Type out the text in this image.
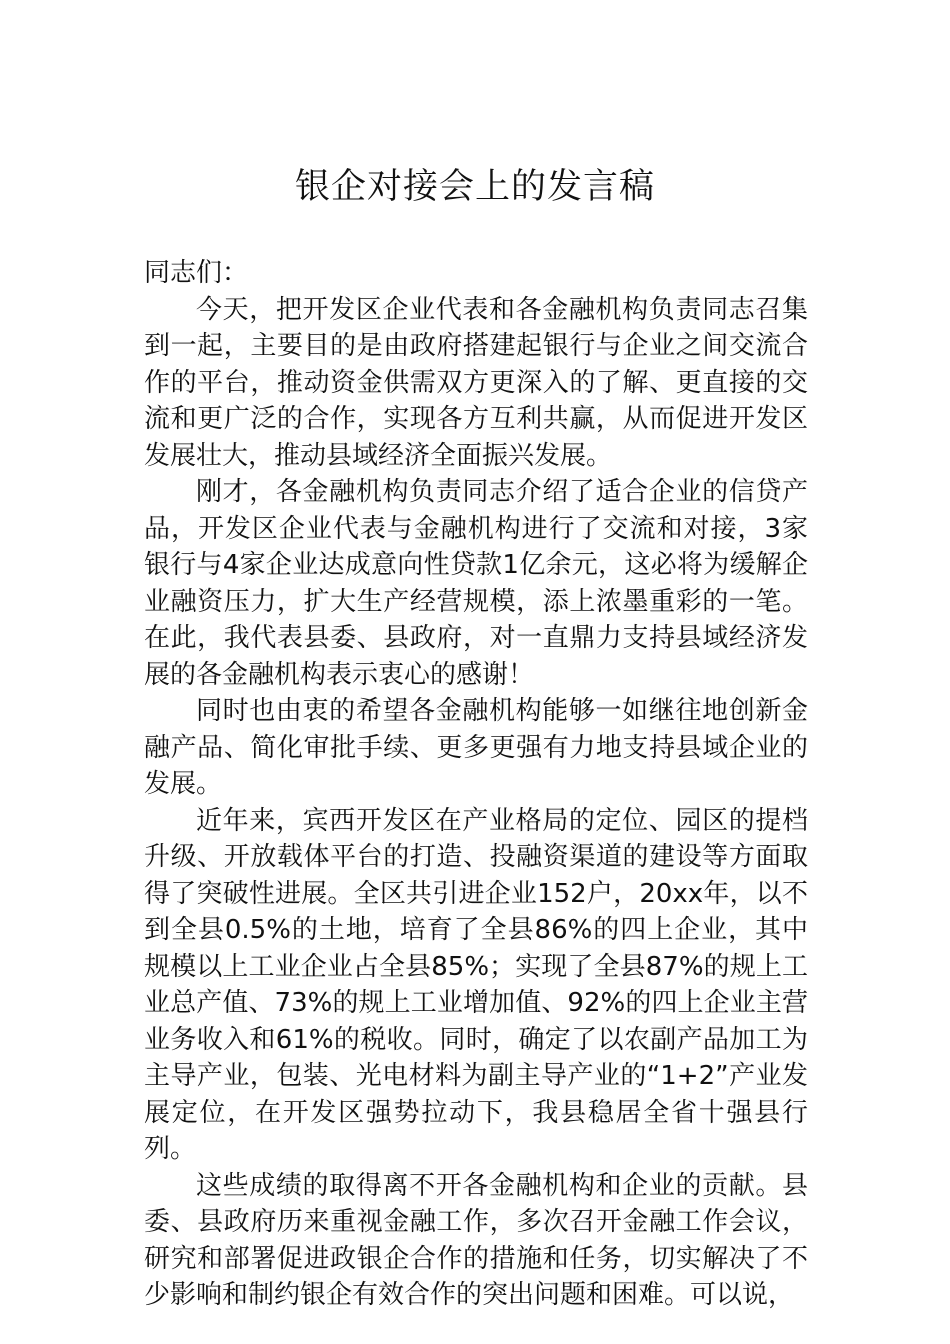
银企对接会上的发言稿

同志们：

今天，把开发区企业代表和各金融机构负责同志召集到一起，主要目的是由政府搭建起银行与企业之间交流合作的平台，推动资金供需双方更深入的了解、更直接的交流和更广泛的合作，实现各方互利共赢，从而促进开发区发展壮大，推动县域经济全面振兴发展。

刚才，各金融机构负责同志介绍了适合企业的信贷产品，开发区企业代表与金融机构进行了交流和对接，3家银行与4家企业达成意向性贷款1亿余元，这必将为缓解企业融资压力，扩大生产经营规模，添上浓墨重彩的一笔。在此，我代表县委、县政府，对一直鼎力支持县域经济发展的各金融机构表示衷心的感谢！

同时也由衷的希望各金融机构能够一如继往地创新金融产品、简化审批手续、更多更强有力地支持县域企业的发展。

近年来，宾西开发区在产业格局的定位、园区的提档升级、开放载体平台的打造、投融资渠道的建设等方面取得了突破性进展。全区共引进企业152户，20xx年，以不到全县0.5%的土地，培育了全县86%的四上企业，其中规模以上工业企业占全县85%；实现了全县87%的规上工业总产值、73%的规上工业增加值、92%的四上企业主营业务收入和61%的税收。同时，确定了以农副产品加工为主导产业，包装、光电材料为副主导产业的“1+2”产业发展定位，在开发区强势拉动下，我县稳居全省十强县行列。

这些成绩的取得离不开各金融机构和企业的贡献。县委、县政府历来重视金融工作，多次召开金融工作会议，研究和部署促进政银企合作的措施和任务，切实解决了不少影响和制约银企有效合作的突出问题和困难。可以说，
